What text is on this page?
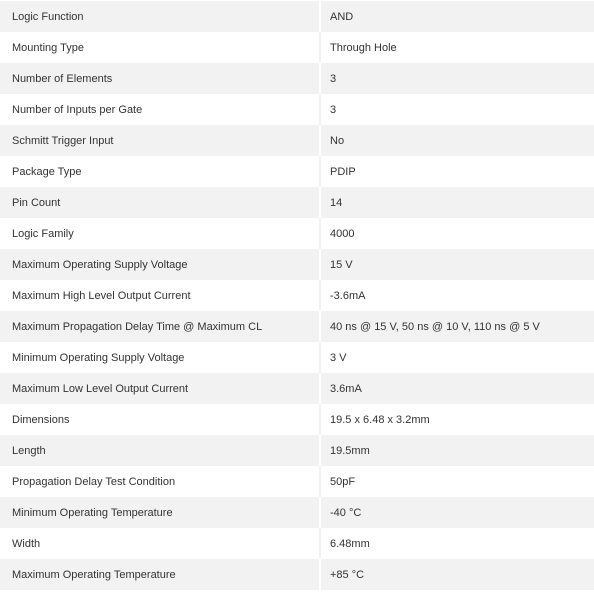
Logic Function	AND
Mounting Type	Through Hole
Number of Elements	3
Number of Inputs per Gate	3
Schmitt Trigger Input	No
Package Type	PDIP
Pin Count	14
Logic Family	4000
Maximum Operating Supply Voltage	15 V
Maximum High Level Output Current	-3.6mA
Maximum Propagation Delay Time @ Maximum CL	40 ns @ 15 V, 50 ns @ 10 V, 110 ns @ 5 V
Minimum Operating Supply Voltage	3 V
Maximum Low Level Output Current	3.6mA
Dimensions	19.5 x 6.48 x 3.2mm
Length	19.5mm
Propagation Delay Test Condition	50pF
Minimum Operating Temperature	-40 °C
Width	6.48mm
Maximum Operating Temperature	+85 °C
